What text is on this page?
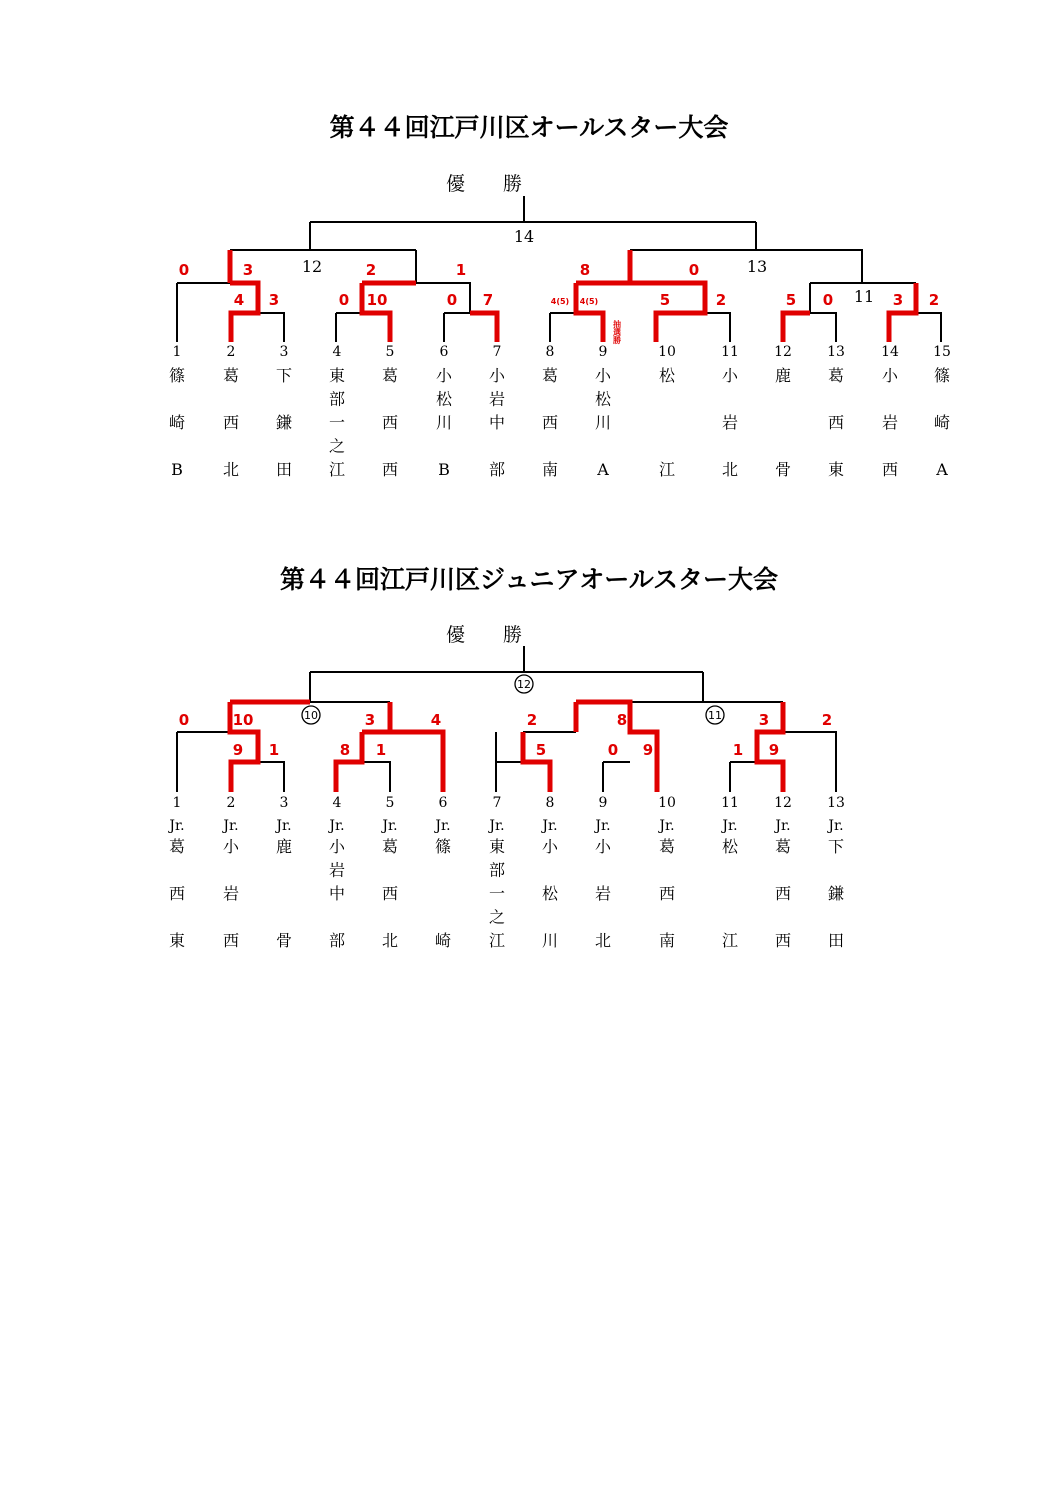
第４４回江戸川区オールスター大会
第４４回江戸川区ジュニアオールスター大会
優　　勝
12
14
13
11
0	3
4 3
2
0 10
1
0 7
8	0
5	2	5 0	3 2
4(5) 4(5)
抽選勝
1
篠
崎
B
2
葛
西
北
3
下
鎌
田
4
東
部
一
之
江
5
葛
西
西
6
小
松
川
B
7
小
岩
中
部
8
葛
西
南
9
小
松
川
A
10
松
江
11
小
岩
北
12
鹿
骨
13
葛
西
東
14
小
岩
西
15
篠
崎
A
優　　勝
10
12
11
0	10
9 1
3
8 1
4	2	8
5	0 9
3
1 9
2
1
Jr.
葛
西
東
2
Jr.
小
岩
西
3
Jr.
鹿
骨
4
Jr.
小
岩
中
部
5
Jr.
葛
西
北
6
Jr.
篠
崎
7
Jr.
東
部
一
之
江
8
Jr.
小
松
川
9
Jr.
小
岩
北
10
Jr.
葛
西
南
11
Jr.
松
江
12
Jr.
葛
西
西
13
Jr.
下
鎌
田
